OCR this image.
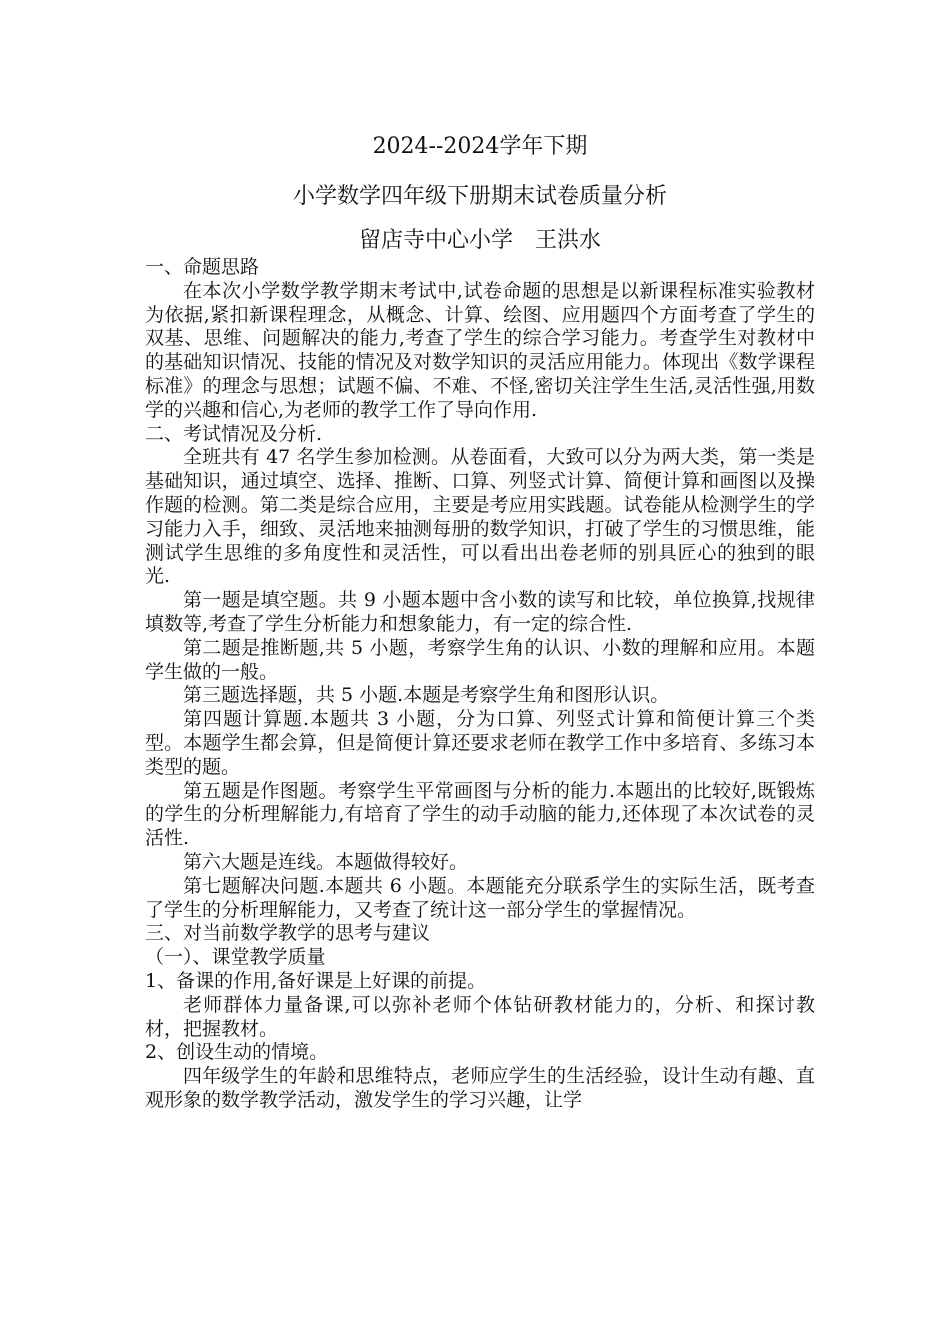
2024--2024学年下期
小学数学四年级下册期末试卷质量分析
留店寺中心小学　王洪水

一、命题思路

在本次小学数学教学期末考试中,试卷命题的思想是以新课程标准实验教材为依据,紧扣新课程理念，从概念、计算、绘图、应用题四个方面考查了学生的双基、思维、问题解决的能力,考查了学生的综合学习能力。考查学生对教材中的基础知识情况、技能的情况及对数学知识的灵活应用能力。体现出《数学课程标准》的理念与思想；试题不偏、不难、不怪,密切关注学生生活,灵活性强,用数学的兴趣和信心,为老师的教学工作了导向作用.

二、考试情况及分析.

全班共有 47 名学生参加检测。从卷面看，大致可以分为两大类，第一类是基础知识，通过填空、选择、推断、口算、列竖式计算、简便计算和画图以及操作题的检测。第二类是综合应用，主要是考应用实践题。试卷能从检测学生的学习能力入手，细致、灵活地来抽测每册的数学知识，打破了学生的习惯思维，能测试学生思维的多角度性和灵活性，可以看出出卷老师的别具匠心的独到的眼光.

第一题是填空题。共 9 小题本题中含小数的读写和比较，单位换算,找规律填数等,考查了学生分析能力和想象能力，有一定的综合性.

第二题是推断题,共 5 小题，考察学生角的认识、小数的理解和应用。本题学生做的一般。

第三题选择题，共 5 小题.本题是考察学生角和图形认识。

第四题计算题.本题共 3 小题，分为口算、列竖式计算和简便计算三个类型。本题学生都会算，但是简便计算还要求老师在教学工作中多培育、多练习本类型的题。

第五题是作图题。考察学生平常画图与分析的能力.本题出的比较好,既锻炼的学生的分析理解能力,有培育了学生的动手动脑的能力,还体现了本次试卷的灵活性.

第六大题是连线。本题做得较好。

第七题解决问题.本题共 6 小题。本题能充分联系学生的实际生活，既考查了学生的分析理解能力，又考查了统计这一部分学生的掌握情况。

三、对当前数学教学的思考与建议

（一）、课堂教学质量

1、备课的作用,备好课是上好课的前提。

老师群体力量备课,可以弥补老师个体钻研教材能力的，分析、和探讨教材，把握教材。

2、创设生动的情境。

四年级学生的年龄和思维特点，老师应学生的生活经验，设计生动有趣、直观形象的数学教学活动，激发学生的学习兴趣，让学
